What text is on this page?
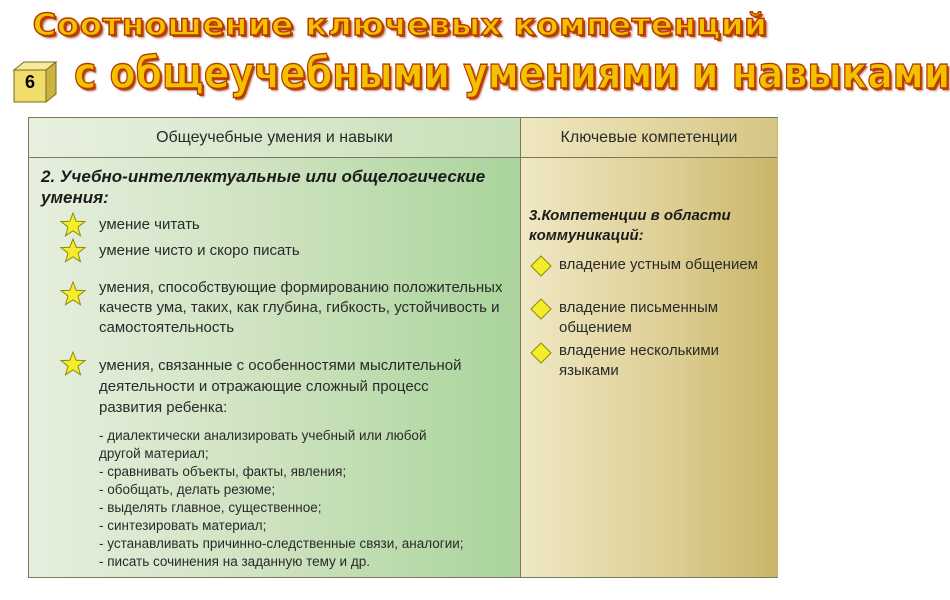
Соотношение ключевых компетенций
с общеучебными умениями и навыками
6
Общеучебные умения и навыки	Ключевые компетенции
2. Учебно-интеллектуальные или общелогические умения:
умение читать
умение чисто и скоро писать
умения, способствующие формированию положительных качеств ума, таких, как глубина, гибкость, устойчивость и самостоятельность
умения, связанные с особенностями мыслительной деятельности и отражающие сложный процесс развития ребенка:
- диалектически анализировать учебный или любой
другой материал;
- сравнивать объекты, факты, явления;
- обобщать, делать резюме;
- выделять главное, существенное;
- синтезировать материал;
- устанавливать причинно-следственные связи, аналогии;
- писать сочинения на заданную тему и др.
3.Компетенции в области коммуникаций:
владение устным общением
владение письменным общением
владение несколькими языками
